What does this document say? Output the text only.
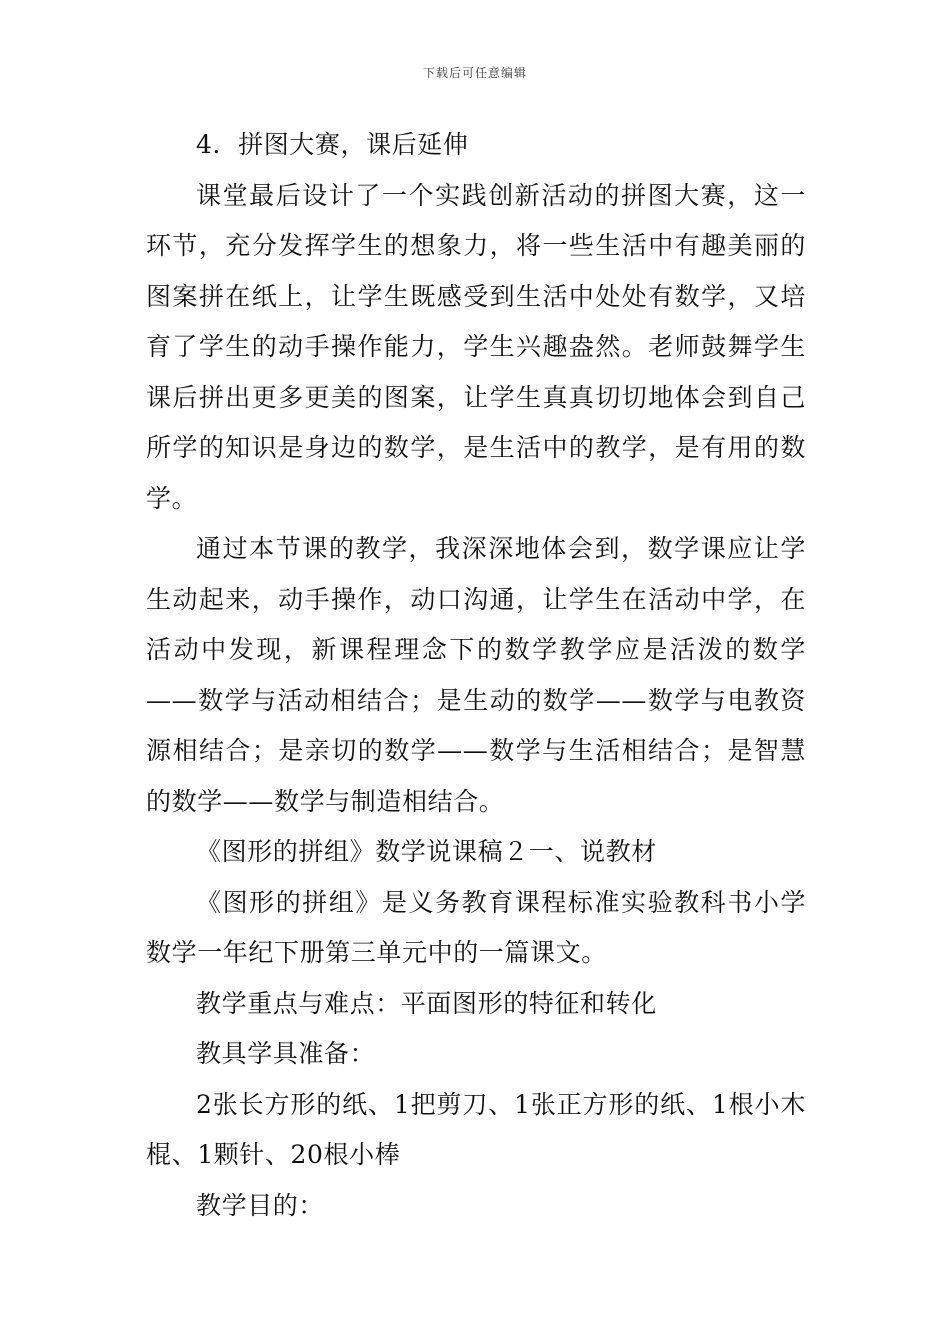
下载后可任意编辑

4．拼图大赛，课后延伸

课堂最后设计了一个实践创新活动的拼图大赛，这一环节，充分发挥学生的想象力，将一些生活中有趣美丽的图案拼在纸上，让学生既感受到生活中处处有数学，又培育了学生的动手操作能力，学生兴趣盎然。老师鼓舞学生课后拼出更多更美的图案，让学生真真切切地体会到自己所学的知识是身边的数学，是生活中的教学，是有用的数学。

通过本节课的教学，我深深地体会到，数学课应让学生动起来，动手操作，动口沟通，让学生在活动中学，在活动中发现，新课程理念下的数学教学应是活泼的数学——数学与活动相结合；是生动的数学——数学与电教资源相结合；是亲切的数学——数学与生活相结合；是智慧的数学——数学与制造相结合。

《图形的拼组》数学说课稿２一、说教材

《图形的拼组》是义务教育课程标准实验教科书小学数学一年纪下册第三单元中的一篇课文。

教学重点与难点：平面图形的特征和转化

教具学具准备：

2张长方形的纸、1把剪刀、1张正方形的纸、1根小木棍、1颗针、20根小棒

教学目的：
